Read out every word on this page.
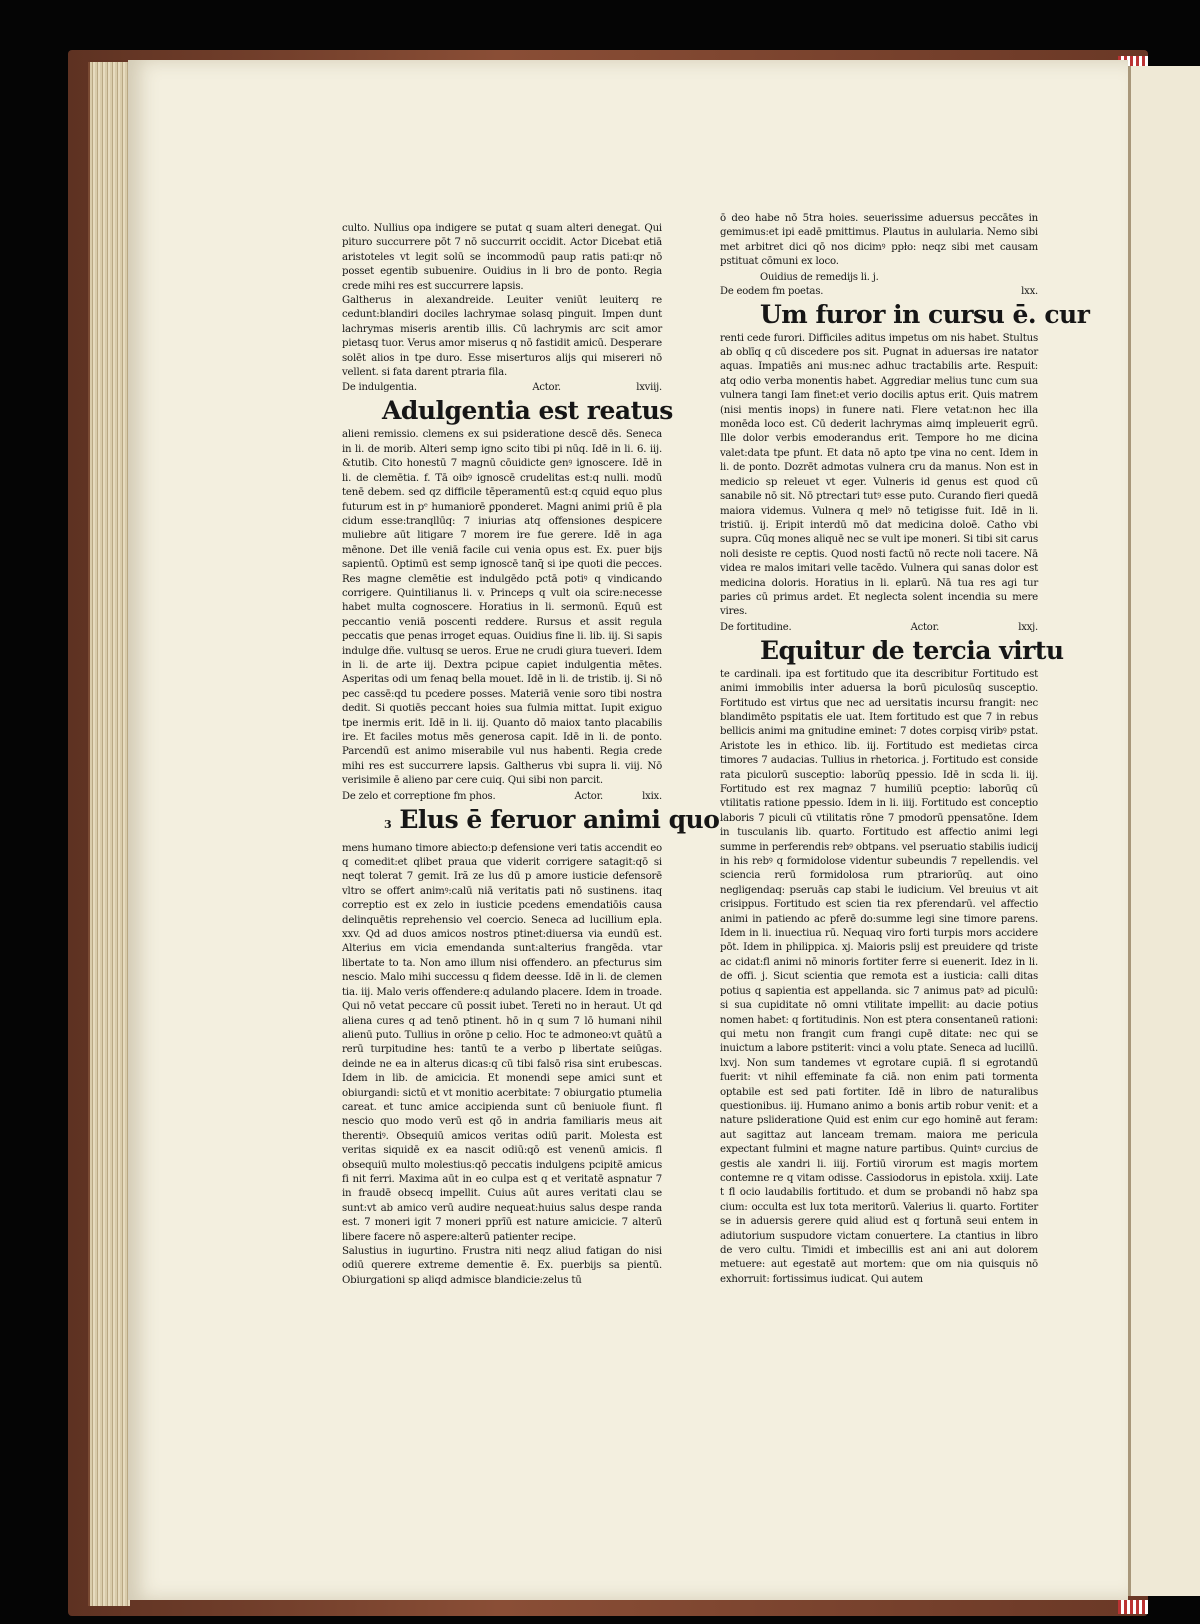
culto. Nullius opa indigere se putat q suam alteri denegat. Qui pituro succurrere pōt 7 nō succurrit occidit. Actor Dicebat etiā aristoteles vt legit solū se incommodū paup ratis pati:qr nō posset egentib subuenire. Ouidius in li bro de ponto. Regia crede mihi res est succurrere lapsis.

Galtherus in alexandreide. Leuiter veniūt leuiterq re cedunt:blandiri dociles lachrymae solasq pinguit. Impen dunt lachrymas miseris arentib illis. Cū lachrymis arc scit amor pietasq tuor. Verus amor miserus q nō fastidit amicū. Desperare solēt alios in tpe duro. Esse miserturos alijs qui misereri nō vellent. si fata darent ptraria fila.

De indulgentia.	Actor.	lxviij.
Adulgentia est reatus

alieni remissio. clemens ex sui psideratione descē dēs. Seneca in li. de morib. Alteri semp igno scito tibi pi nūq. Idē in li. 6. iij. &tutib. Cito honestū 7 magnū cōuidicte genꝰ ignoscere. Idē in li. de clemētia. f. Tā oibꝰ ignoscē crudelitas est:q nulli. modū tenē debem. sed qz difficile tēperamentū est:q cquid equo plus futurum est in pᵉ humaniorē ꝑponderet. Magni animi ꝑriū ē pla cidum esse:tranqllūq: 7 iniurias atq offensiones despicere muliebre aūt litigare 7 morem ire fue gerere. Idē in aga mēnone. Det ille veniā facile cui venia opus est. Ex. puer bijs sapientū. Optimū est semp ignoscē tanq̄ si ipe quoti die pecces. Res magne clemētie est indulgēdo pctā potiꝰ q vindicando corrigere. Quintilianus li. v. Princeps q vult oia scire:necesse habet multa cognoscere. Horatius in li. sermonū. Equū est peccantio veniā poscenti reddere. Rursus et assit regula peccatis que penas irroget equas. Ouidius fine li. lib. iij. Si sapis indulge dñe. vultusq se ueros. Erue ne crudi giura tueveri. Idem in li. de arte iij. Dextra pcipue capiet indulgentia mētes. Asperitas odi um fenaq bella mouet. Idē in li. de tristib. ij. Si nō pec cassē:qd tu pcedere posses. Materiā venie soro tibi nostra dedit. Si quotiēs peccant hoies sua fulmia mittat. Iupit exiguo tpe inermis erit. Idē in li. iij. Quanto dō maiox tanto placabilis ire. Et faciles motus mēs generosa capit. Idē in li. de ponto. Parcendū est animo miserabile vul nus habenti. Regia crede mihi res est succurrere lapsis. Galtherus vbi supra li. viij. Nō verisimile ē alieno par cere cuiq. Qui sibi non parcit.

De zelo et correptione fm phos.	Actor.	lxix.
3 Elus ē feruor animi quo

mens humano timore abiecto:p defensione veri tatis accendit eo q comedit:et qlibet praua que viderit corrigere satagit:qō si neqt tolerat 7 gemit. Iră ze lus dū p amore iusticie defensorē vltro se offert animꝰ:calū niā veritatis pati nō sustinens. itaq correptio est ex zelo in iusticie pcedens emendatiōis causa delinquētis reprehensio vel coercio. Seneca ad lucillium epla. xxv. Qd ad duos amicos nostros ptinet:diuersa via eundū est. Alterius em vicia emendanda sunt:alterius frangēda. vtar libertate to ta. Non amo illum nisi offendero. an pfecturus sim nescio. Malo mihi successu q fidem deesse. Idē in li. de clemen tia. iij. Malo veris offendere:q adulando placere. Idem in troade. Qui nō vetat peccare cū possit iubet. Tereti no in heraut. Ut qd aliena cures q ad tenō ptinent. hō in q sum 7 lō humani nihil alienū puto. Tullius in orōne p celio. Hoc te admoneo:vt quātū a rerū turpitudine hes: tantū te a verbo p libertate seiūgas. deinde ne ea in alterus dicas:q cū tibi falsō risa sint erubescas. Idem in lib. de amicicia. Et monendi sepe amici sunt et obiurgandi: sictū et vt monitio acerbitate: 7 obiurgatio ptumelia careat. et tunc amice accipienda sunt cū beniuole fiunt. fl nescio quo modo verū est qō in andria familiaris meus ait therentiꝰ. Obsequiū amicos veritas odiū parit. Molesta est veritas siquidē ex ea nascit odiū:qō est venenū amicis. fl obsequiū multo molestius:qō peccatis indulgens pcipitē amicus fi nit ferri. Maxima aūt in eo culpa est q et veritatē aspnatur 7 in fraudē obsecq impellit. Cuius aūt aures veritati clau se sunt:vt ab amico verū audire nequeat:huius salus despe randa est. 7 moneri igit 7 moneri pprīū est nature amicicie. 7 alterū libere facere nō aspere:alterū patienter recipe.

Salustius in iugurtino. Frustra niti neqz aliud fatigan do nisi odiū querere extreme dementie ē. Ex. puerbijs sa pientū. Obiurgationi sp aliqd admisce blandicie:zelus tū

ō deo habe nō 5tra hoies. seuerissime aduersus peccātes in gemimus:et ipi eadē pmittimus. Plautus in aulularia. Nemo sibi met arbitret dici qō nos dicimꝰ ppło: neqz sibi met causam pstituat cōmuni ex loco.

Ouidius de remedijs li. j.
De eodem fm poetas.	lxx.
Um furor in cursu ē. cur

renti cede furori. Difficiles aditus impetus om nis habet. Stultus ab oblīq q cū discedere pos sit. Pugnat in aduersas ire natator aquas. Impatiēs ani mus:nec adhuc tractabilis arte. Respuit: atq odio verba monentis habet. Aggrediar melius tunc cum sua vulnera tangi Iam finet:et verio docilis aptus erit. Quis matrem (nisi mentis inops) in funere nati. Flere vetat:non hec illa monēda loco est. Cū dederit lachrymas aimq impleuerit egrū. Ille dolor verbis emoderandus erit. Tempore ho me dicina valet:data tpe pfunt. Et data nō apto tpe vina no cent. Idem in li. de ponto. Dozrēt admotas vulnera cru da manus. Non est in medicio sp releuet vt eger. Vulneris id genus est quod cū sanabile nō sit. Nō ptrectari tutꝰ esse puto. Curando fieri quedā maiora videmus. Vulnera q melꝰ nō tetigisse fuit. Idē in li. tristiū. ij. Eripit interdū mō dat medicina doloē. Catho vbi supra. Cūq mones aliquē nec se vult ipe moneri. Si tibi sit carus noli desiste re ceptis. Quod nosti factū nō recte noli tacere. Nā videa re malos imitari velle tacēdo. Vulnera qui sanas dolor est medicina doloris. Horatius in li. eplarū. Nā tua res agi tur paries cū primus ardet. Et neglecta solent incendia su mere vires.

De fortitudine.	Actor.	lxxj.
Equitur de tercia virtu

te cardinali. ipa est fortitudo que ita describitur Fortitudo est animi immobilis inter aduersa la borū piculosūq susceptio. Fortitudo est virtus que nec ad uersitatis incursu frangit: nec blandimēto pspitatis ele uat. Item fortitudo est que 7 in rebus bellicis animi ma gnitudine eminet: 7 dotes corpisq viribꝰ pstat. Aristote les in ethico. lib. iij. Fortitudo est medietas circa timores 7 audacias. Tullius in rhetorica. j. Fortitudo est conside rata piculorū susceptio: laborūq ppessio. Idē in scda li. iij. Fortitudo est rex magnaz 7 humiliū pceptio: laborūq cū vtilitatis ratione ppessio. Idem in li. iiij. Fortitudo est conceptio laboris 7 piculi cū vtilitatis rōne 7 pmodorū ppensatōne. Idem in tusculanis lib. quarto. Fortitudo est affectio animi legi summe in perferendis rebꝰ obtpans. vel pseruatio stabilis iudicij in his rebꝰ q formidolose videntur subeundis 7 repellendis. vel sciencia rerū formidolosa rum ptrariorūq. aut oino negligendaq: pseruās cap stabi le iudicium. Vel breuius vt ait crisippus. Fortitudo est scien tia rex pferendarū. vel affectio animi in patiendo ac pferē do:summe legi sine timore parens. Idem in li. inuectiua rū. Nequaq viro forti turpis mors accidere pōt. Idem in philippica. xj. Maioris pslij est preuidere qd triste ac cidat:fl animi nō minoris fortiter ferre si euenerit. Idez in li. de offi. j. Sicut scientia que remota est a iusticia: calli ditas potius q sapientia est appellanda. sic 7 animus patꝰ ad piculū: si sua cupiditate nō omni vtilitate impellit: au dacie potius nomen habet: q fortitudinis. Non est ptera consentaneū rationi: qui metu non frangit cum frangi cupē ditate: nec qui se inuictum a labore pstiterit: vinci a volu ptate. Seneca ad lucillū. lxvj. Non sum tandemes vt egrotare cupiā. fl si egrotandū fuerit: vt nihil effeminate fa ciā. non enim pati tormenta optabile est sed pati fortiter. Idē in libro de naturalibus questionibus. iij. Humano animo a bonis artib robur venit: et a nature pslideratione Quid est enim cur ego hominē aut feram: aut sagittaz aut lanceam tremam. maiora me pericula expectant fulmini et magne nature partibus. Quintꝰ curcius de gestis ale xandri li. iiij. Fortiū virorum est magis mortem contemne re q vitam odisse. Cassiodorus in epistola. xxiij. Late t fl ocio laudabilis fortitudo. et dum se probandi nō habz spa cium: occulta est lux tota meritorū. Valerius li. quarto. Fortiter se in aduersis gerere quid aliud est q fortunā seui entem in adiutorium suspudore victam conuertere. La ctantius in libro de vero cultu. Timidi et imbecillis est ani ani aut dolorem metuere: aut egestatē aut mortem: que om nia quisquis nō exhorruit: fortissimus iudicat. Qui autem
